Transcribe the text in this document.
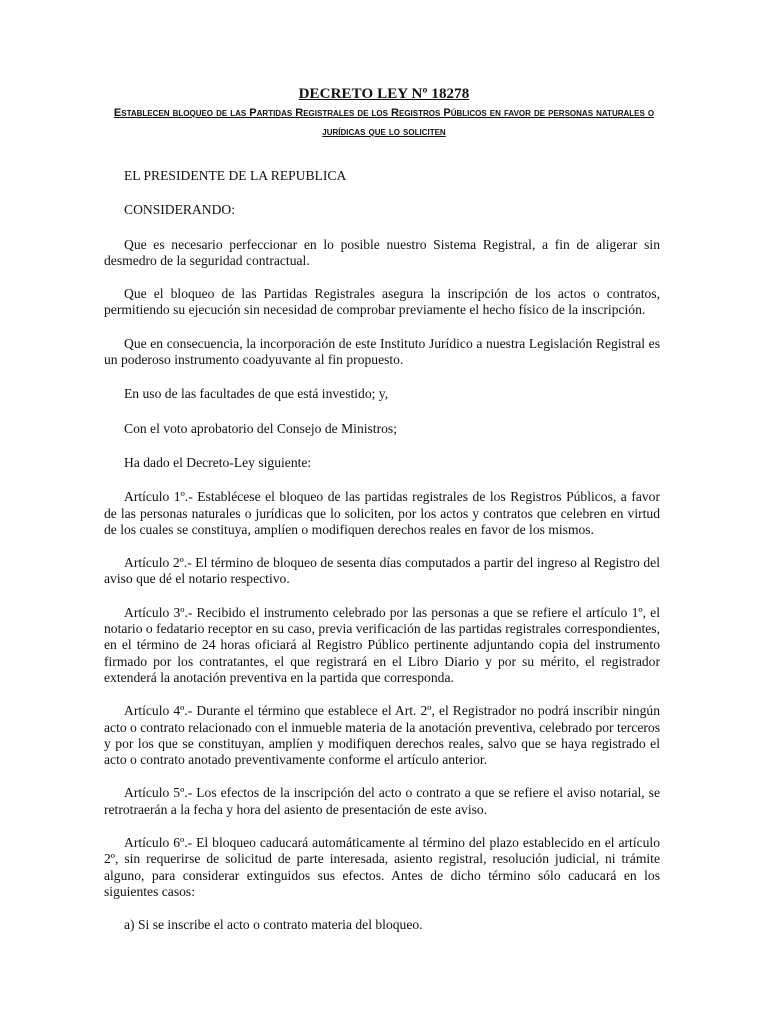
DECRETO LEY Nº 18278
Establecen bloqueo de las Partidas Registrales de los Registros Públicos en favor de personas naturales o jurídicas que lo soliciten

EL PRESIDENTE DE LA REPUBLICA

CONSIDERANDO:

Que es necesario perfeccionar en lo posible nuestro Sistema Registral, a fin de aligerar sin desmedro de la seguridad contractual.

Que el bloqueo de las Partidas Registrales asegura la inscripción de los actos o contratos, permitiendo su ejecución sin necesidad de comprobar previamente el hecho físico de la inscripción.

Que en consecuencia, la incorporación de este Instituto Jurídico a nuestra Legislación Registral es un poderoso instrumento coadyuvante al fin propuesto.

En uso de las facultades de que está investido; y,

Con el voto aprobatorio del Consejo de Ministros;

Ha dado el Decreto-Ley siguiente:

Artículo 1º.- Establécese el bloqueo de las partidas registrales de los Registros Públicos, a favor de las personas naturales o jurídicas que lo soliciten, por los actos y contratos que celebren en virtud de los cuales se constituya, amplíen o modifiquen derechos reales en favor de los mismos.

Artículo 2º.- El término de bloqueo de sesenta días computados a partir del ingreso al Registro del aviso que dé el notario respectivo.

Artículo 3º.- Recibido el instrumento celebrado por las personas a que se refiere el artículo 1º, el notario o fedatario receptor en su caso, previa verificación de las partidas registrales correspondientes, en el término de 24 horas oficiará al Registro Público pertinente adjuntando copia del instrumento firmado por los contratantes, el que registrará en el Libro Diario y por su mérito, el registrador extenderá la anotación preventiva en la partida que corresponda.

Artículo 4º.- Durante el término que establece el Art. 2º, el Registrador no podrá inscribir ningún acto o contrato relacionado con el inmueble materia de la anotación preventiva, celebrado por terceros y por los que se constituyan, amplíen y modifiquen derechos reales, salvo que se haya registrado el acto o contrato anotado preventivamente conforme el artículo anterior.

Artículo 5º.- Los efectos de la inscripción del acto o contrato a que se refiere el aviso notarial, se retrotraerán a la fecha y hora del asiento de presentación de este aviso.

Artículo 6º.- El bloqueo caducará automáticamente al término del plazo establecido en el artículo 2º, sin requerirse de solicitud de parte interesada, asiento registral, resolución judicial, ni trámite alguno, para considerar extinguidos sus efectos. Antes de dicho término sólo caducará en los siguientes casos:

a) Si se inscribe el acto o contrato materia del bloqueo.
